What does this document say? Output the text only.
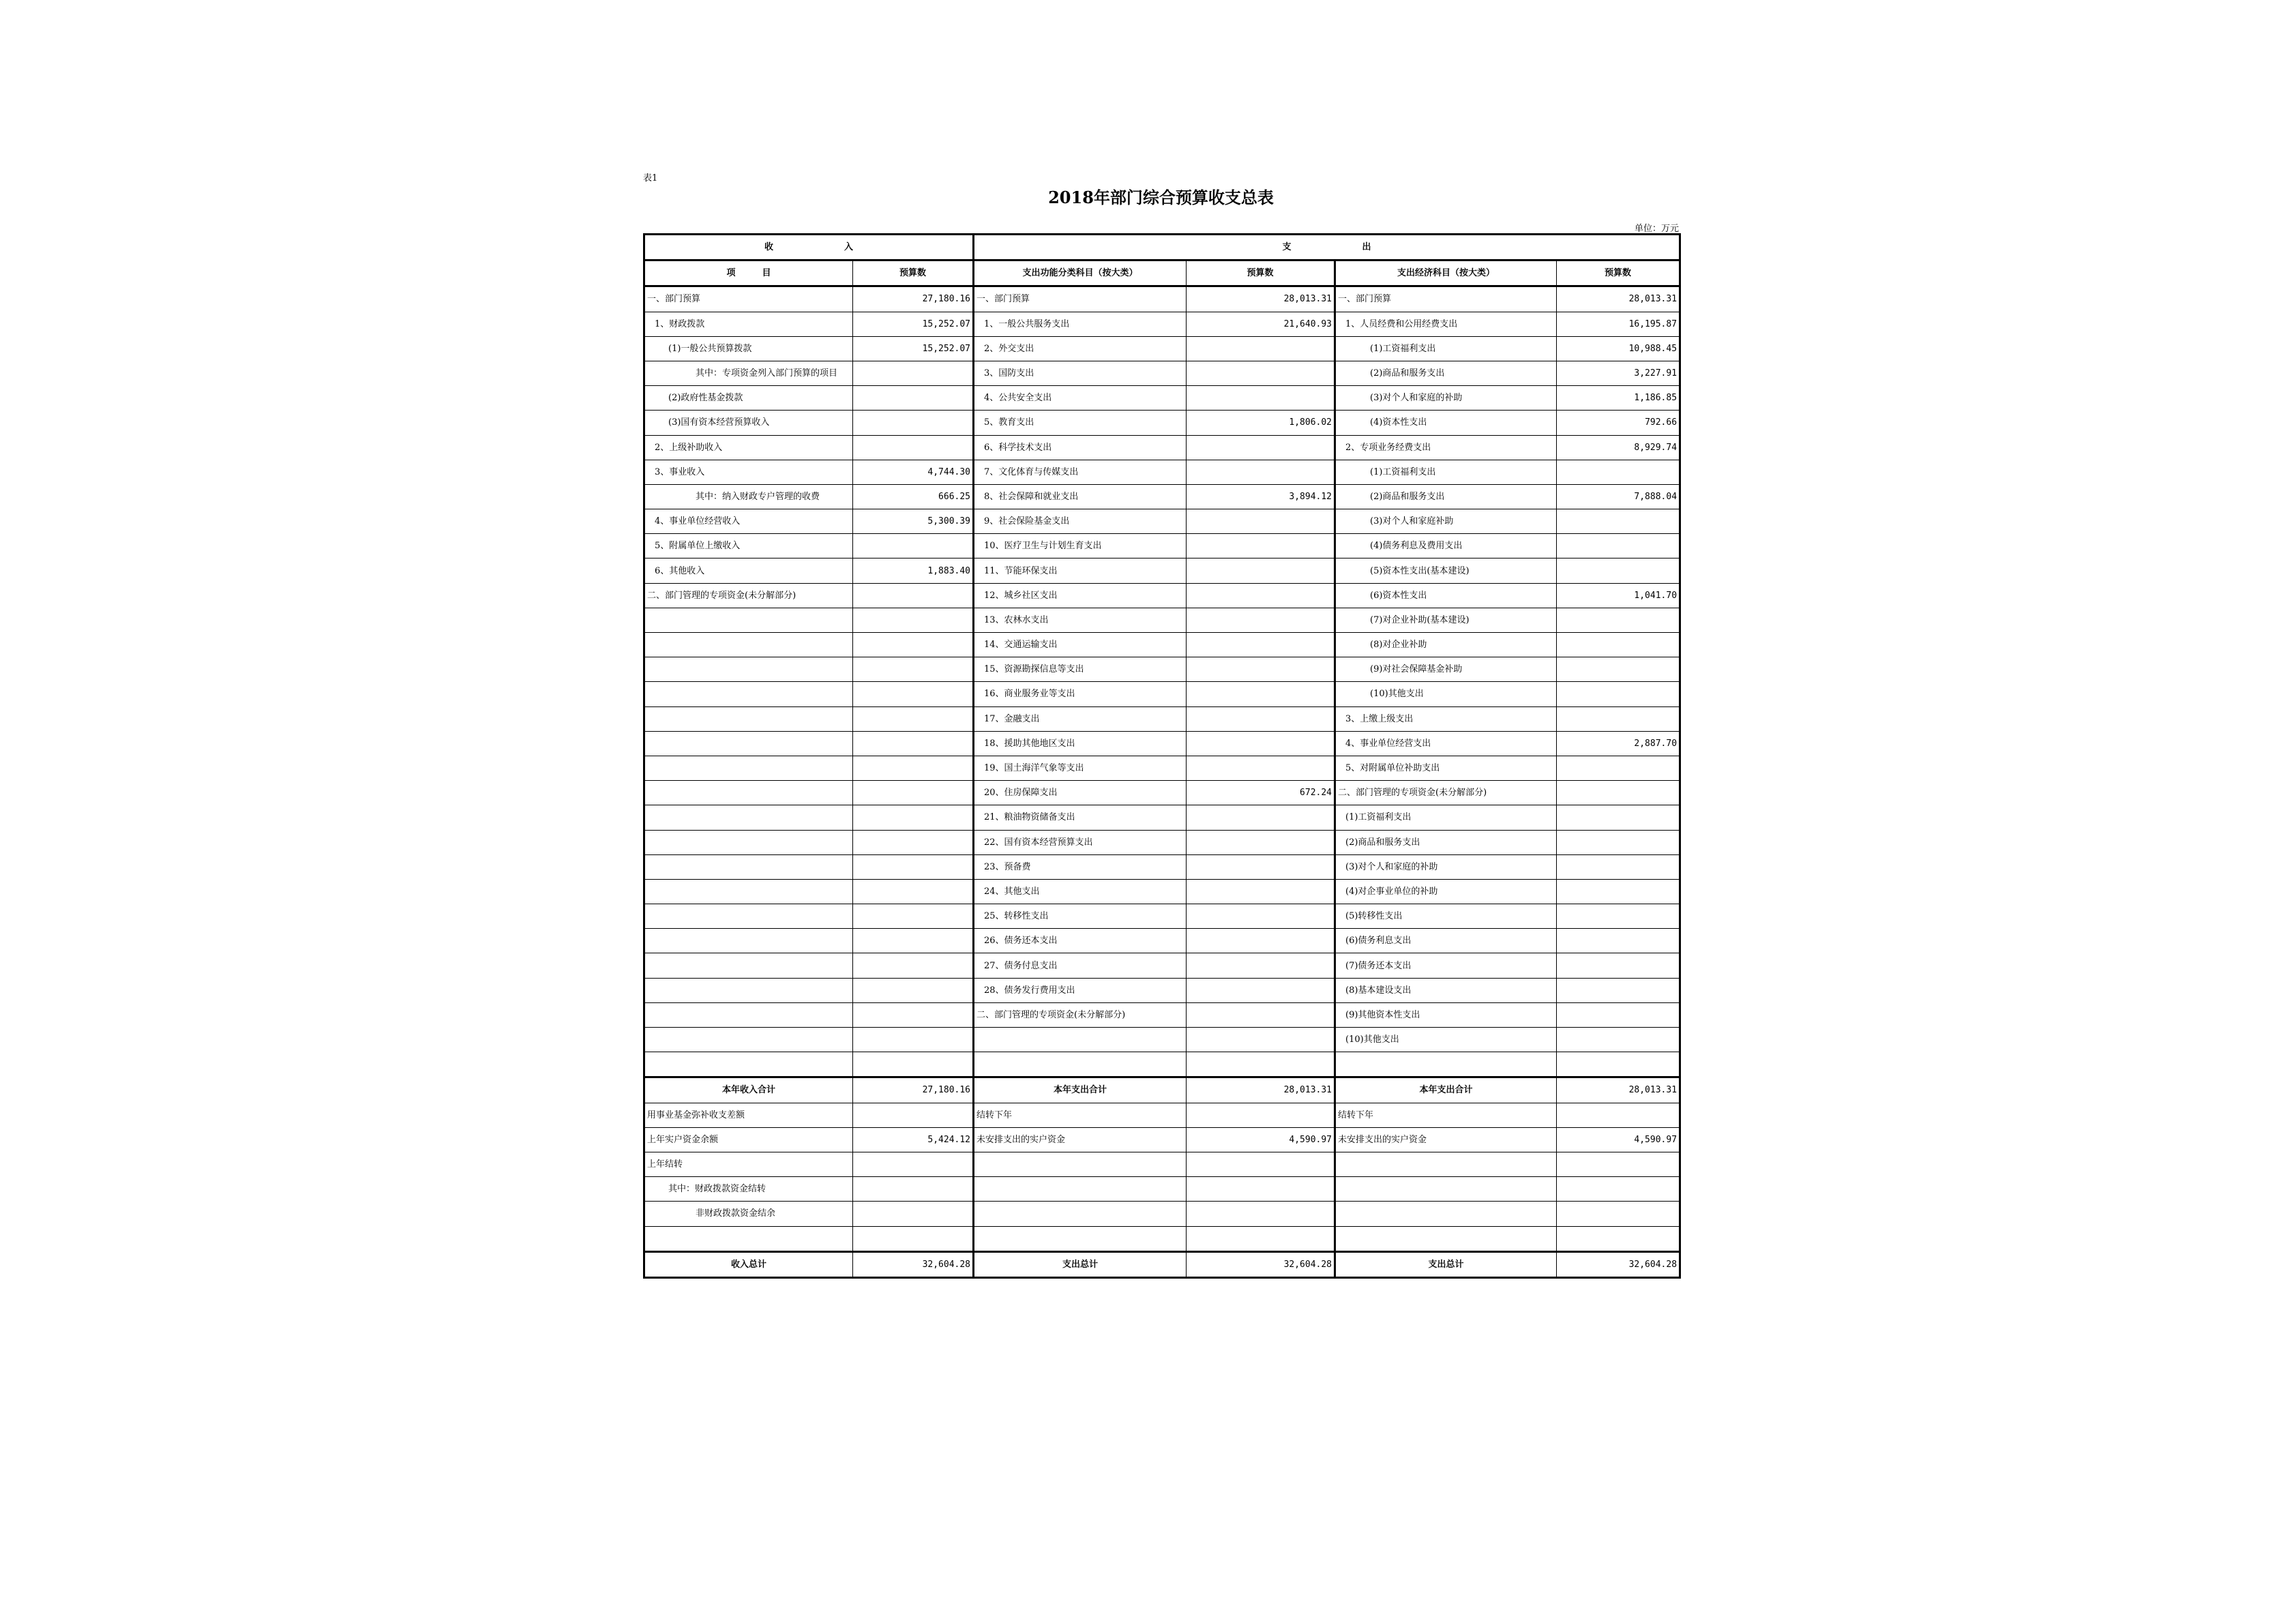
表1
2018年部门综合预算收支总表
单位：万元
收　　　　　　　　入		支　　　　　　　　出			
项　　　目	预算数	支出功能分类科目（按大类）	预算数	支出经济科目（按大类）	预算数
一、部门预算	27,180.16	一、部门预算	28,013.31	一、部门预算	28,013.31
1、财政拨款	15,252.07	1、一般公共服务支出	21,640.93	1、人员经费和公用经费支出	16,195.87
(1)一般公共预算拨款	15,252.07	2、外交支出		(1)工资福利支出	10,988.45
其中：专项资金列入部门预算的项目		3、国防支出		(2)商品和服务支出	3,227.91
(2)政府性基金拨款		4、公共安全支出		(3)对个人和家庭的补助	1,186.85
(3)国有资本经营预算收入		5、教育支出	1,806.02	(4)资本性支出	792.66
2、上级补助收入		6、科学技术支出		2、专项业务经费支出	8,929.74
3、事业收入	4,744.30	7、文化体育与传媒支出		(1)工资福利支出	
其中：纳入财政专户管理的收费	666.25	8、社会保障和就业支出	3,894.12	(2)商品和服务支出	7,888.04
4、事业单位经营收入	5,300.39	9、社会保险基金支出		(3)对个人和家庭补助	
5、附属单位上缴收入		10、医疗卫生与计划生育支出		(4)债务利息及费用支出	
6、其他收入	1,883.40	11、节能环保支出		(5)资本性支出(基本建设)	
二、部门管理的专项资金(未分解部分)		12、城乡社区支出		(6)资本性支出	1,041.70
		13、农林水支出		(7)对企业补助(基本建设)	
		14、交通运输支出		(8)对企业补助	
		15、资源勘探信息等支出		(9)对社会保障基金补助	
		16、商业服务业等支出		(10)其他支出	
		17、金融支出		3、上缴上级支出	
		18、援助其他地区支出		4、事业单位经营支出	2,887.70
		19、国土海洋气象等支出		5、对附属单位补助支出	
		20、住房保障支出	672.24	二、部门管理的专项资金(未分解部分)	
		21、粮油物资储备支出		(1)工资福利支出	
		22、国有资本经营预算支出		(2)商品和服务支出	
		23、预备费		(3)对个人和家庭的补助	
		24、其他支出		(4)对企事业单位的补助	
		25、转移性支出		(5)转移性支出	
		26、债务还本支出		(6)债务利息支出	
		27、债务付息支出		(7)债务还本支出	
		28、债务发行费用支出		(8)基本建设支出	
		二、部门管理的专项资金(未分解部分)		(9)其他资本性支出	
				(10)其他支出	

本年收入合计	27,180.16	本年支出合计	28,013.31	本年支出合计	28,013.31
用事业基金弥补收支差额		结转下年		结转下年	
上年实户资金余额	5,424.12	未安排支出的实户资金	4,590.97	未安排支出的实户资金	4,590.97
上年结转					
其中：财政拨款资金结转					
非财政拨款资金结余					

收入总计	32,604.28	支出总计	32,604.28	支出总计	32,604.28
